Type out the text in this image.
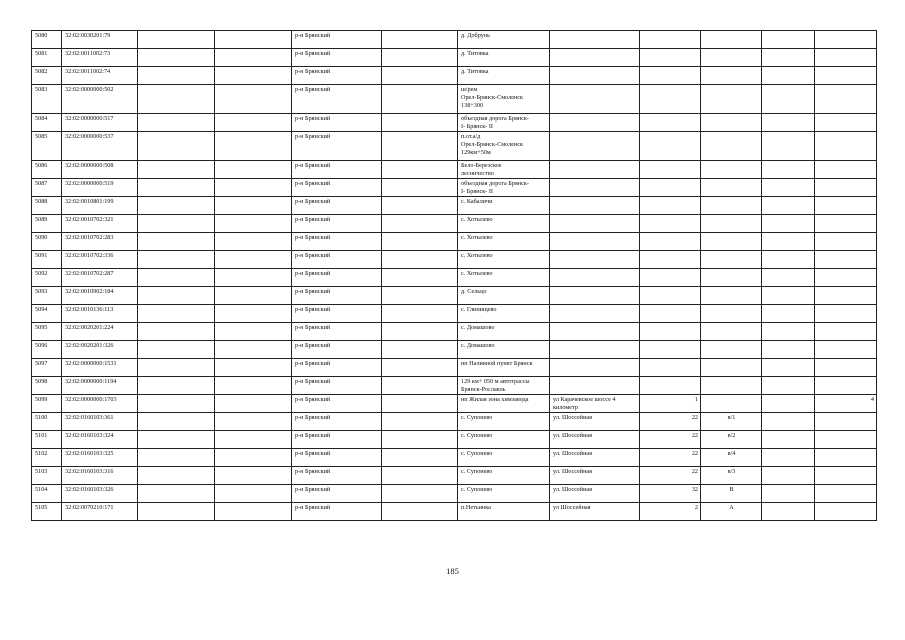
5080	32:02:0030201:79			р-н Брянский		д. Добрунь					
5081	32:02:0011002:73			р-н Брянский		д. Титовка					
5082	32:02:0011002:74			р-н Брянский		д. Титовка					
5083	32:02:0000000:502			р-н Брянский		ш/рем
Орел-Брянск-Смоленск
138+300					
5084	32:02:0000000:517			р-н Брянский		объездная дорога Брянск-
I- Брянск- II					
5085	32:02:0000000:537			р-н Брянский		п.от.а/д
Орел-Брянск-Смоленск
129км+50м					
5086	32:02:0000000:508			р-н Брянский		Бело-Березское
лесничество					
5087	32:02:0000000:519			р-н Брянский		объездная дорога Брянск-
I- Брянск- II					
5088	32:02:0010801:199			р-н Брянский		с. Кабаличи					
5089	32:02:0010702:321			р-н Брянский		с. Хотылево					
5090	32:02:0010702:283			р-н Брянский		с. Хотылево					
5091	32:02:0010702:336			р-н Брянский		с. Хотылево					
5092	32:02:0010702:287			р-н Брянский		с. Хотылево					
5093	32:02:0010902:184			р-н Брянский		д. Сельцо					
5094	32:02:0010136:113			р-н Брянский		с. Глинищево					
5095	32:02:0020201:224			р-н Брянский		с. Домашово					
5096	32:02:0020201:326			р-н Брянский		с. Домашово					
5097	32:02:0000000:1531			р-н Брянский		нп Наливной пункт Брянск					
5098	32:02:0000000:1194			р-н Брянский		129 км+ 050 м автотрассы
Брянск-Рославль					
5099	32:02:0000000:1703			р-н Брянский		нп Жилая зона химзавода	ул Карачевское шоссе 4
километр	1			4
5100	32:02:0160103:361			р-н Брянский		с. Супонево	ул. Шоссейная	22	в/1		
5101	32:02:0160103:324			р-н Брянский		с. Супонево	ул. Шоссейная	22	в/2		
5102	32:02:0160103:325			р-н Брянский		с. Супонево	ул. Шоссейная	22	в/4		
5103	32:02:0160103:316			р-н Брянский		с. Супонево	ул. Шоссейная	22	в/3		
5104	32:02:0160103:326			р-н Брянский		с. Супонево	ул. Шоссейная	32	В		
5105	32:02:0070210:171			р-н Брянский		п.Нетьинка	ул Шоссейная	2	А		
185
